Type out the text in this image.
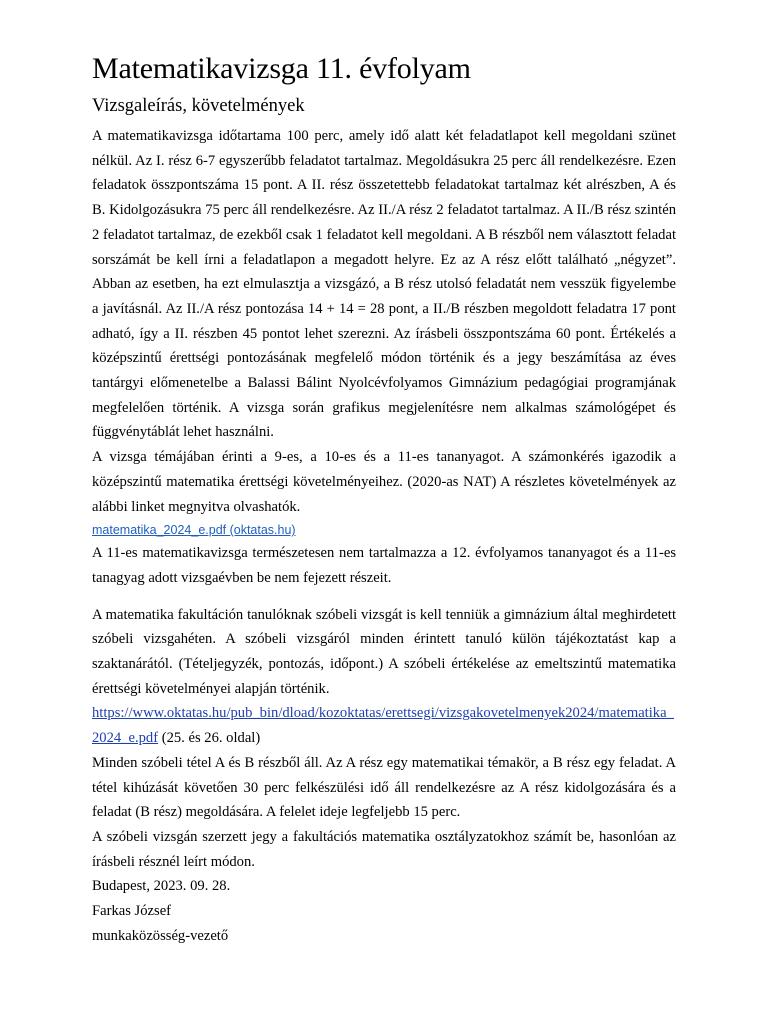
Matematikavizsga 11. évfolyam
Vizsgaleírás, követelmények

A matematikavizsga időtartama 100 perc, amely idő alatt két feladatlapot kell megoldani szünet nélkül. Az I. rész 6-7 egyszerűbb feladatot tartalmaz. Megoldásukra 25 perc áll rendelkezésre. Ezen feladatok összpontszáma 15 pont. A II. rész összetettebb feladatokat tartalmaz két alrészben, A és B. Kidolgozásukra 75 perc áll rendelkezésre. Az II./A rész 2 feladatot tartalmaz. A II./B rész szintén 2 feladatot tartalmaz, de ezekből csak 1 feladatot kell megoldani. A B részből nem választott feladat sorszámát be kell írni a feladatlapon a megadott helyre. Ez az A rész előtt található „négyzet”. Abban az esetben, ha ezt elmulasztja a vizsgázó, a B rész utolsó feladatát nem vesszük figyelembe a javításnál. Az II./A rész pontozása 14 + 14 = 28 pont, a II./B részben megoldott feladatra 17 pont adható, így a II. részben 45 pontot lehet szerezni. Az írásbeli összpontszáma 60 pont. Értékelés a középszintű érettségi pontozásának megfelelő módon történik és a jegy beszámítása az éves tantárgyi előmenetelbe a Balassi Bálint Nyolcévfolyamos Gimnázium pedagógiai programjának megfelelően történik. A vizsga során grafikus megjelenítésre nem alkalmas számológépet és függvénytáblát lehet használni.

A vizsga témájában érinti a 9-es, a 10-es és a 11-es tananyagot. A számonkérés igazodik a középszintű matematika érettségi követelményeihez. (2020-as NAT) A részletes követelmények az alábbi linket megnyitva olvashatók.

matematika_2024_e.pdf (oktatas.hu)

A 11-es matematikavizsga természetesen nem tartalmazza a 12. évfolyamos tananyagot és a 11-es tanagyag adott vizsgaévben be nem fejezett részeit.

A matematika fakultáción tanulóknak szóbeli vizsgát is kell tenniük a gimnázium által meghirdetett szóbeli vizsgahéten. A szóbeli vizsgáról minden érintett tanuló külön tájékoztatást kap a szaktanárától. (Tételjegyzék, pontozás, időpont.) A szóbeli értékelése az emeltszintű matematika érettségi követelményei alapján történik.

https://www.oktatas.hu/pub_bin/dload/kozoktatas/erettsegi/vizsgakovetelmenyek2024/matematika_2024_e.pdf (25. és 26. oldal)

Minden szóbeli tétel A és B részből áll. Az A rész egy matematikai témakör, a B rész egy feladat. A tétel kihúzását követően 30 perc felkészülési idő áll rendelkezésre az A rész kidolgozására és a feladat (B rész) megoldására. A felelet ideje legfeljebb 15 perc.

A szóbeli vizsgán szerzett jegy a fakultációs matematika osztályzatokhoz számít be, hasonlóan az írásbeli résznél leírt módon.

Budapest, 2023. 09. 28.

Farkas József

munkaközösség-vezető
